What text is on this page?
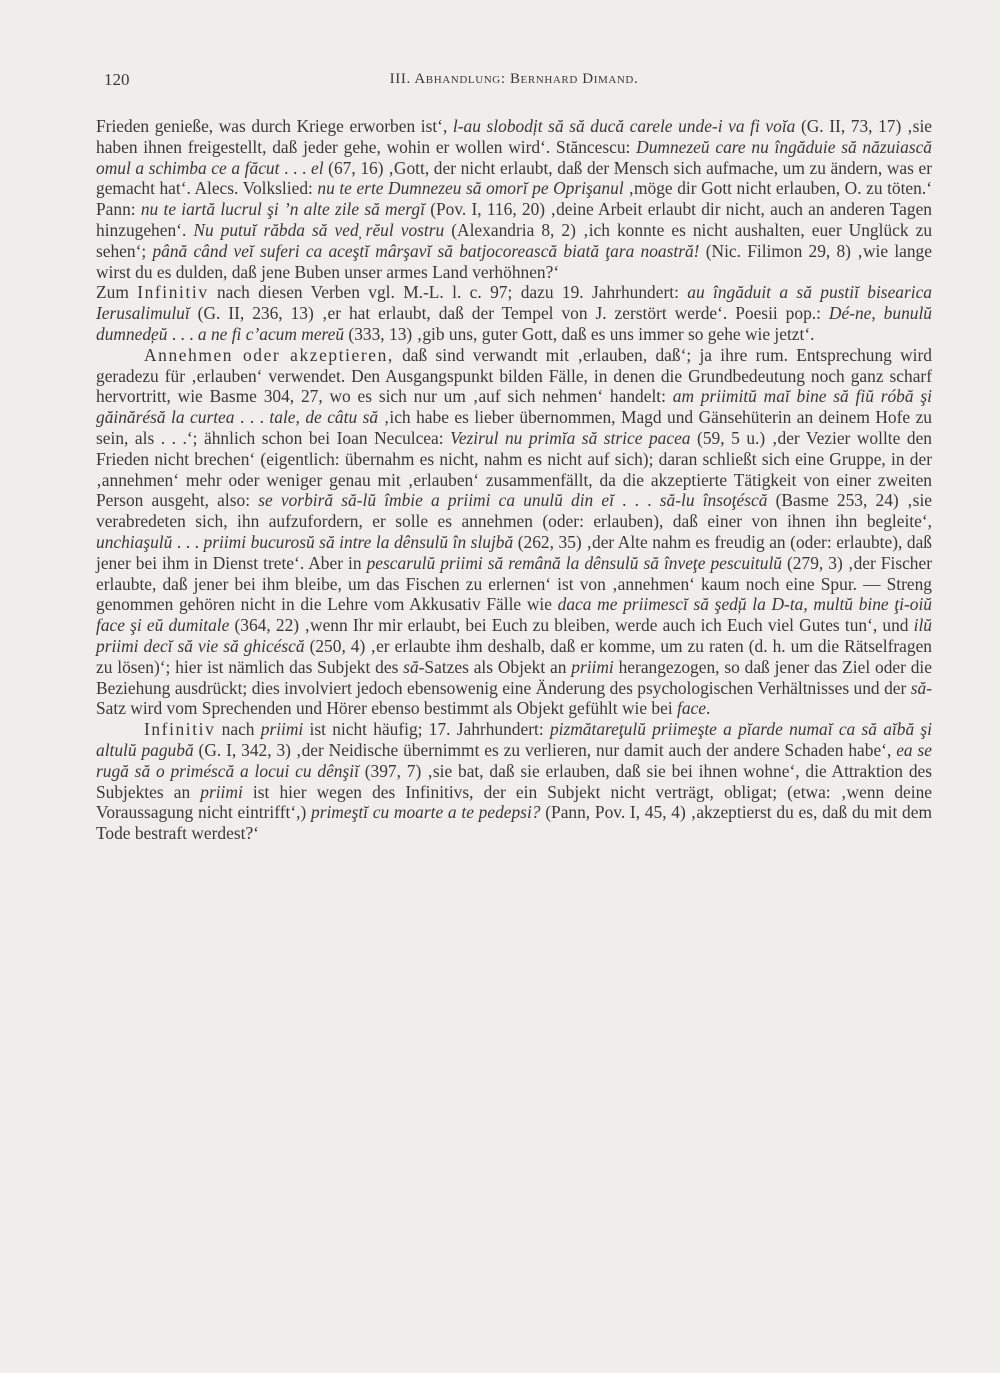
120	III. Abhandlung: Bernhard Dimand.

Frieden genieße, was durch Kriege erworben ist‘, l-au slobod̦it să să ducă carele unde-i va fi voĭa (G. II, 73, 17) ‚sie haben ihnen freigestellt, daß jeder gehe, wohin er wollen wird‘. Stăncescu: Dumnezeŭ care nu îngăduie să năzuiască omul a schimba ce a făcut . . . el (67, 16) ‚Gott, der nicht erlaubt, daß der Mensch sich aufmache, um zu ändern, was er gemacht hat‘. Alecs. Volkslied: nu te erte Dumnezeu să omorĭ pe Oprişanul ‚möge dir Gott nicht erlauben, O. zu töten.‘ Pann: nu te iartă lucrul şi ’n alte zile să mergĭ (Pov. I, 116, 20) ‚deine Arbeit erlaubt dir nicht, auch an anderen Tagen hinzugehen‘. Nu putuĭ răbda să ved̦ rĕul vostru (Alexandria 8, 2) ‚ich konnte es nicht aushalten, euer Unglück zu sehen‘; până când veĭ suferi ca aceştĭ mârşavĭ să batjocorească biată ţara noastră! (Nic. Filimon 29, 8) ‚wie lange wirst du es dulden, daß jene Buben unser armes Land verhöhnen?‘

Zum Infinitiv nach diesen Verben vgl. M.-L. l. c. 97; dazu 19. Jahrhundert: au îngăduit a să pustiĭ bisearica Ierusalimuluĭ (G. II, 236, 13) ‚er hat erlaubt, daß der Tempel von J. zerstört werde‘. Poesii pop.: Dé-ne, bunulŭ dumned̦eŭ . . . a ne fi c’acum mereŭ (333, 13) ‚gib uns, guter Gott, daß es uns immer so gehe wie jetzt‘.

Annehmen oder akzeptieren, daß sind verwandt mit ‚erlauben, daß‘; ja ihre rum. Entsprechung wird geradezu für ‚erlauben‘ verwendet. Den Ausgangspunkt bilden Fälle, in denen die Grundbedeutung noch ganz scharf hervortritt, wie Basme 304, 27, wo es sich nur um ‚auf sich nehmen‘ handelt: am priimitŭ maĭ bine să fiŭ róbă şi găinărésă la curtea . . . tale, de câtu să ‚ich habe es lieber übernommen, Magd und Gänsehüterin an deinem Hofe zu sein, als . . .‘; ähnlich schon bei Ioan Neculcea: Vezirul nu primĭa să strice pacea (59, 5 u.) ‚der Vezier wollte den Frieden nicht brechen‘ (eigentlich: übernahm es nicht, nahm es nicht auf sich); daran schließt sich eine Gruppe, in der ‚annehmen‘ mehr oder weniger genau mit ‚erlauben‘ zusammenfällt, da die akzeptierte Tätigkeit von einer zweiten Person ausgeht, also: se vorbiră să-lŭ îmbie a priimi ca unulŭ din eĭ . . . să-lu însoţéscă (Basme 253, 24) ‚sie verabredeten sich, ihn aufzufordern, er solle es annehmen (oder: erlauben), daß einer von ihnen ihn begleite‘, unchiaşulŭ . . . priimi bucurosŭ să intre la dênsulŭ în slujbă (262, 35) ‚der Alte nahm es freudig an (oder: erlaubte), daß jener bei ihm in Dienst trete‘. Aber in pescarulŭ priimi să remână la dênsulŭ să înveţe pescuitulŭ (279, 3) ‚der Fischer erlaubte, daß jener bei ihm bleibe, um das Fischen zu erlernen‘ ist von ‚annehmen‘ kaum noch eine Spur. — Streng genommen gehören nicht in die Lehre vom Akkusativ Fälle wie daca me priimescĭ să şed̦ŭ la D-ta, multŭ bine ţi-oiŭ face şi eŭ dumitale (364, 22) ‚wenn Ihr mir erlaubt, bei Euch zu bleiben, werde auch ich Euch viel Gutes tun‘, und ilŭ priimi decĭ să vie să ghicéscă (250, 4) ‚er erlaubte ihm deshalb, daß er komme, um zu raten (d. h. um die Rätselfragen zu lösen)‘; hier ist nämlich das Subjekt des să-Satzes als Objekt an priimi herangezogen, so daß jener das Ziel oder die Beziehung ausdrückt; dies involviert jedoch ebensowenig eine Änderung des psychologischen Verhältnisses und der să-Satz wird vom Sprechenden und Hörer ebenso bestimmt als Objekt gefühlt wie bei face.

Infinitiv nach priimi ist nicht häufig; 17. Jahrhundert: pizmătareţulŭ priimeşte a pĭarde numaĭ ca să aĭbă şi altulŭ pagubă (G. I, 342, 3) ‚der Neidische übernimmt es zu verlieren, nur damit auch der andere Schaden habe‘, ea se rugă să o priméscă a locui cu dênşiĭ (397, 7) ‚sie bat, daß sie erlauben, daß sie bei ihnen wohne‘, die Attraktion des Subjektes an priimi ist hier wegen des Infinitivs, der ein Subjekt nicht verträgt, obligat; (etwa: ‚wenn deine Voraussagung nicht eintrifft‘,) primeştĭ cu moarte a te pedepsi? (Pann, Pov. I, 45, 4) ‚akzeptierst du es, daß du mit dem Tode bestraft werdest?‘
